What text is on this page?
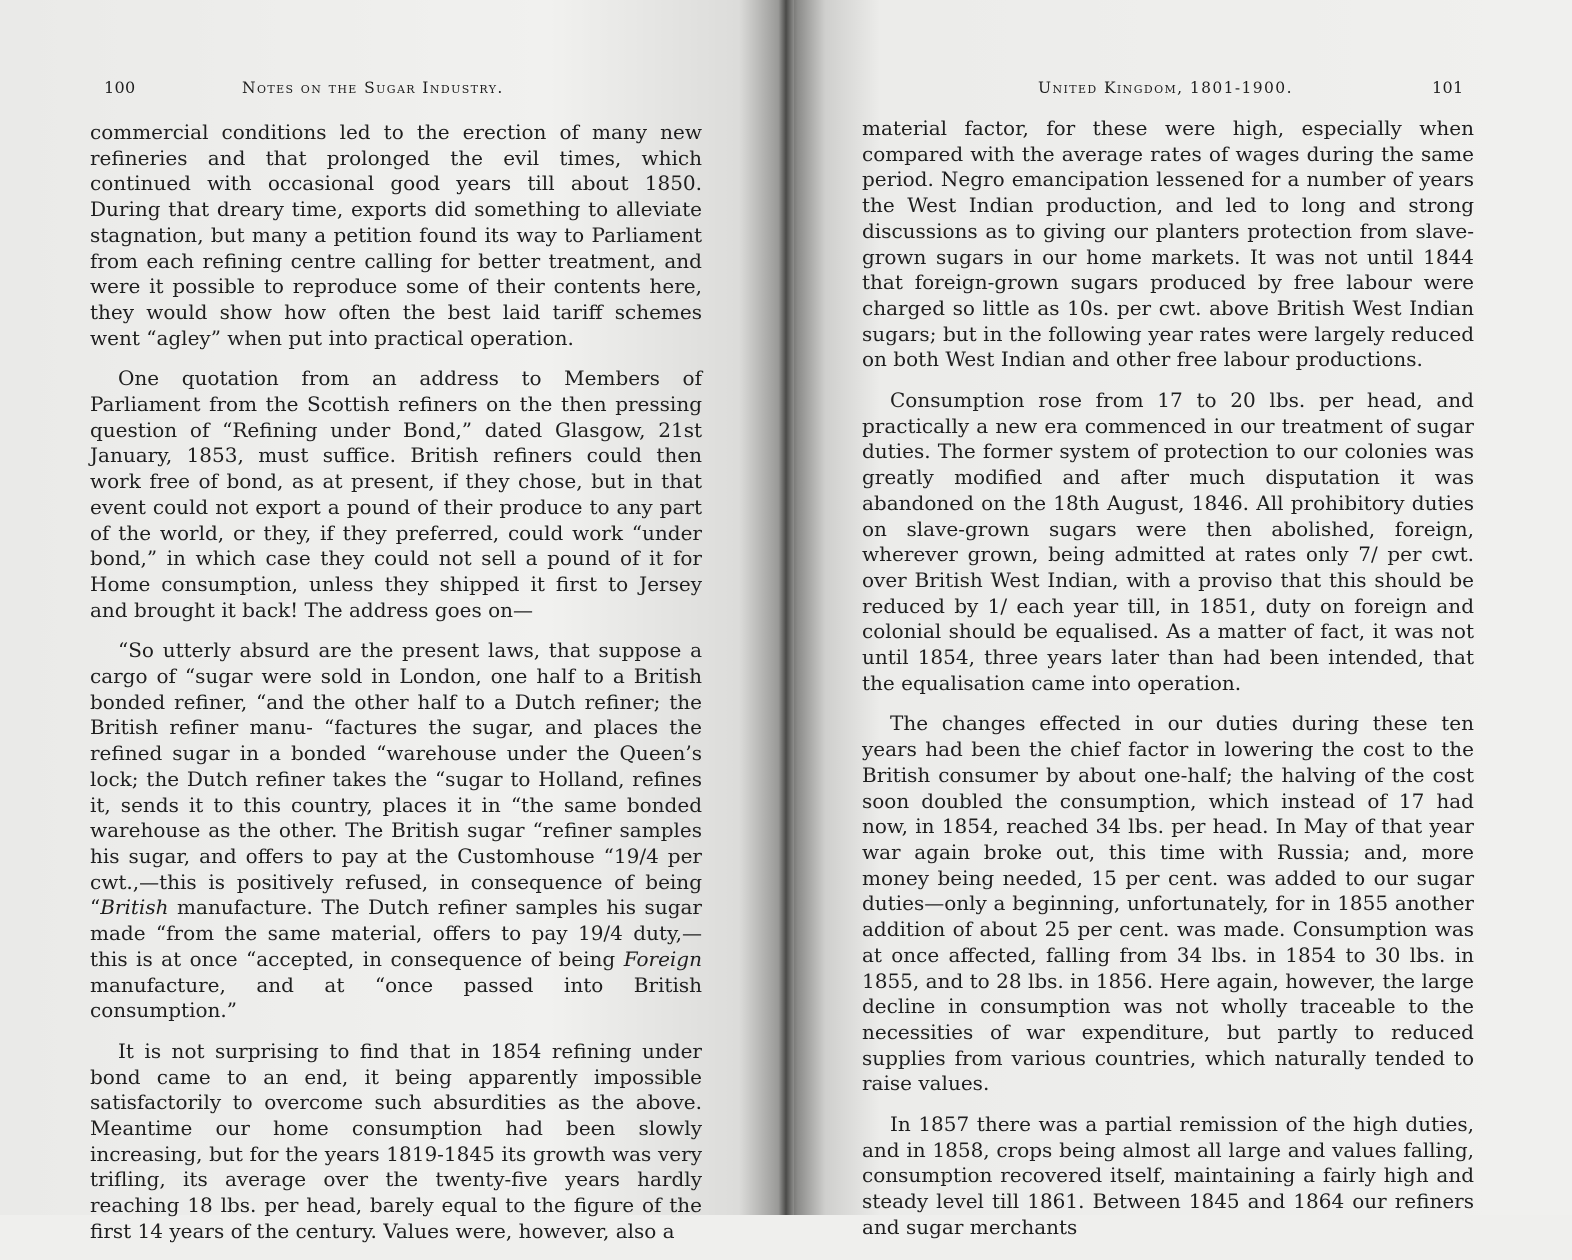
100	Notes on the Sugar Industry.

commercial conditions led to the erection of many new refineries and that prolonged the evil times, which continued with occasional good years till about 1850. During that dreary time, exports did something to alleviate stagnation, but many a petition found its way to Parliament from each refining centre calling for better treatment, and were it possible to reproduce some of their contents here, they would show how often the best laid tariff schemes went “agley” when put into practical operation.

One quotation from an address to Members of Parliament from the Scottish refiners on the then pressing question of “Refining under Bond,” dated Glasgow, 21st January, 1853, must suffice. British refiners could then work free of bond, as at present, if they chose, but in that event could not export a pound of their produce to any part of the world, or they, if they preferred, could work “under bond,” in which case they could not sell a pound of it for Home consumption, unless they shipped it first to Jersey and brought it back! The address goes on—

“So utterly absurd are the present laws, that suppose a cargo of “sugar were sold in London, one half to a British bonded refiner, “and the other half to a Dutch refiner; the British refiner manu- “factures the sugar, and places the refined sugar in a bonded “warehouse under the Queen’s lock; the Dutch refiner takes the “sugar to Holland, refines it, sends it to this country, places it in “the same bonded warehouse as the other. The British sugar “refiner samples his sugar, and offers to pay at the Customhouse “19/4 per cwt.,—this is positively refused, in consequence of being “British manufacture. The Dutch refiner samples his sugar made “from the same material, offers to pay 19/4 duty,—this is at once “accepted, in consequence of being Foreign manufacture, and at “once passed into British consumption.”

It is not surprising to find that in 1854 refining under bond came to an end, it being apparently impossible satisfactorily to overcome such absurdities as the above. Meantime our home consumption had been slowly increasing, but for the years 1819-1845 its growth was very trifling, its average over the twenty-five years hardly reaching 18 lbs. per head, barely equal to the figure of the first 14 years of the century. Values were, however, also a

United Kingdom, 1801-1900.	101

material factor, for these were high, especially when compared with the average rates of wages during the same period. Negro emancipation lessened for a number of years the West Indian production, and led to long and strong discussions as to giving our planters protection from slave-grown sugars in our home markets. It was not until 1844 that foreign-grown sugars produced by free labour were charged so little as 10s. per cwt. above British West Indian sugars; but in the following year rates were largely reduced on both West Indian and other free labour productions.

Consumption rose from 17 to 20 lbs. per head, and practically a new era commenced in our treatment of sugar duties. The former system of protection to our colonies was greatly modified and after much disputation it was abandoned on the 18th August, 1846. All prohibitory duties on slave-grown sugars were then abolished, foreign, wherever grown, being admitted at rates only 7/ per cwt. over British West Indian, with a proviso that this should be reduced by 1/ each year till, in 1851, duty on foreign and colonial should be equalised. As a matter of fact, it was not until 1854, three years later than had been intended, that the equalisation came into operation.

The changes effected in our duties during these ten years had been the chief factor in lowering the cost to the British consumer by about one-half; the halving of the cost soon doubled the consumption, which instead of 17 had now, in 1854, reached 34 lbs. per head. In May of that year war again broke out, this time with Russia; and, more money being needed, 15 per cent. was added to our sugar duties—only a beginning, unfortunately, for in 1855 another addition of about 25 per cent. was made. Consumption was at once affected, falling from 34 lbs. in 1854 to 30 lbs. in 1855, and to 28 lbs. in 1856. Here again, however, the large decline in consumption was not wholly traceable to the necessities of war expenditure, but partly to reduced supplies from various countries, which naturally tended to raise values.

In 1857 there was a partial remission of the high duties, and in 1858, crops being almost all large and values falling, consumption recovered itself, maintaining a fairly high and steady level till 1861. Between 1845 and 1864 our refiners and sugar merchants
